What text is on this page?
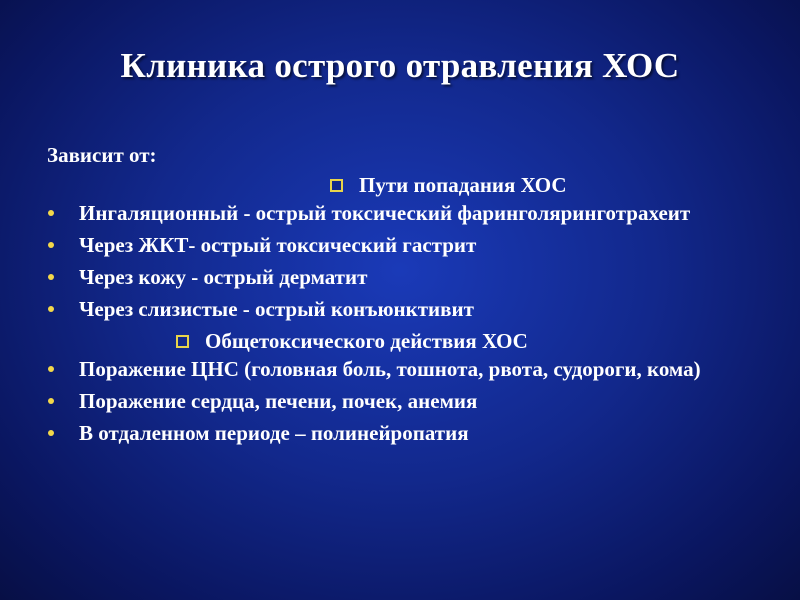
Клиника острого отравления ХОС
Зависит от:
Пути попадания ХОС
Ингаляционный - острый токсический фаринголяринготрахеит
Через ЖКТ- острый токсический гастрит
Через кожу - острый дерматит
Через слизистые - острый конъюнктивит
Общетоксического действия ХОС
Поражение ЦНС (головная боль, тошнота, рвота, судороги, кома)
Поражение сердца, печени, почек, анемия
В отдаленном периоде – полинейропатия
